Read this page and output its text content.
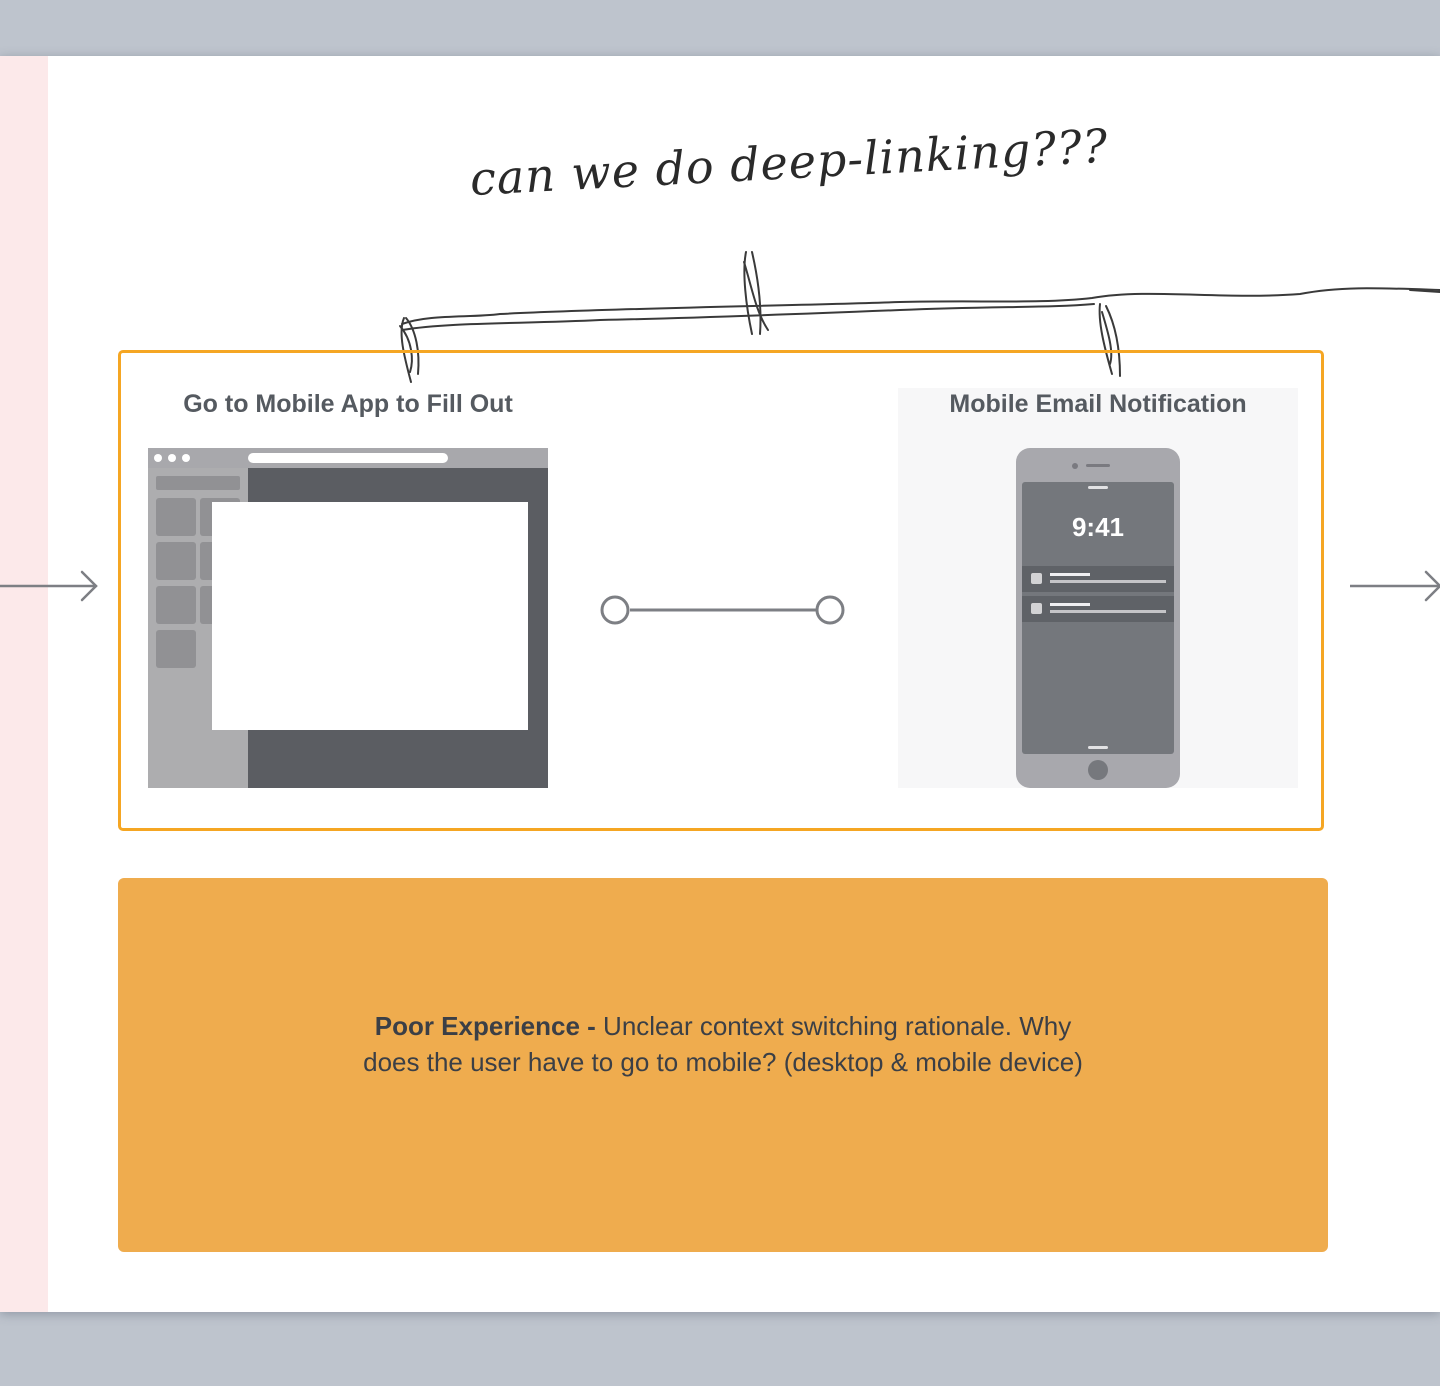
can we do deep-linking???

Go to Mobile App to Fill Out	Mobile Email Notification

9:41

Poor Experience - Unclear context switching rationale. Why does the user have to go to mobile? (desktop & mobile device)
